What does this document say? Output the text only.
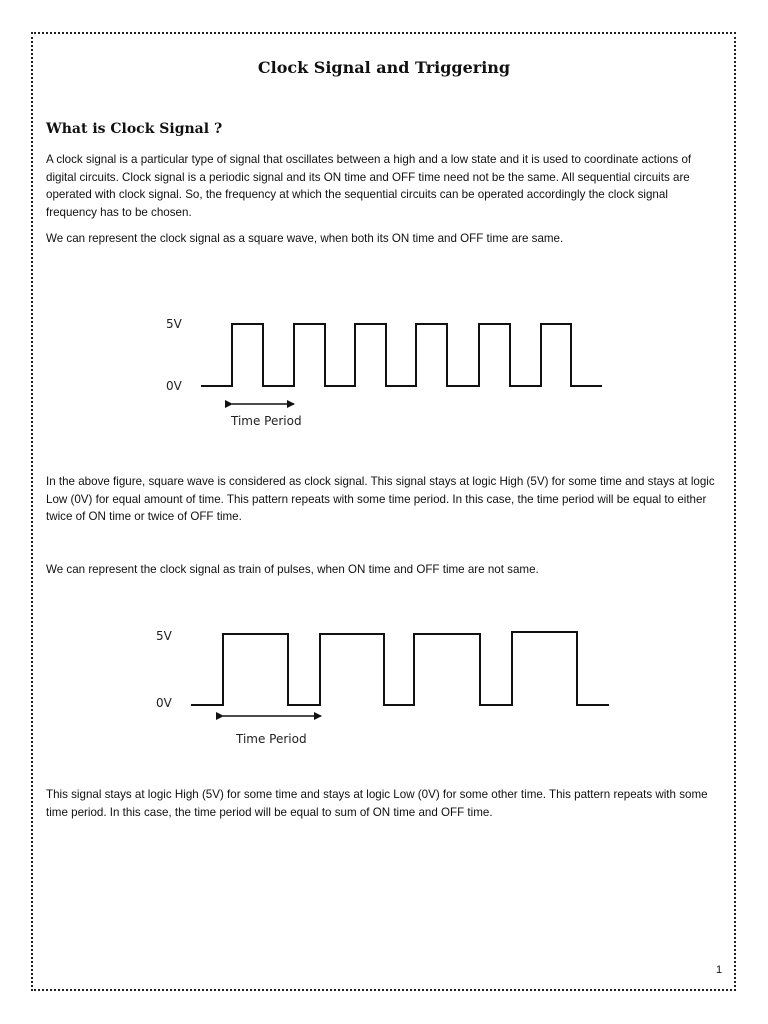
Clock Signal and Triggering
What is Clock Signal ?
A clock signal is a particular type of signal that oscillates between a high and a low state and it is used to coordinate actions of digital circuits. Clock signal is a periodic signal and its ON time and OFF time need not be the same. All sequential circuits are operated with clock signal. So, the frequency at which the sequential circuits can be operated accordingly the clock signal frequency has to be chosen.
We can represent the clock signal as a square wave, when both its ON time and OFF time are same.
5V
0V
Time Period
In the above figure, square wave is considered as clock signal. This signal stays at logic High (5V) for some time and stays at logic Low (0V) for equal amount of time. This pattern repeats with some time period. In this case, the time period will be equal to either twice of ON time or twice of OFF time.
We can represent the clock signal as train of pulses, when ON time and OFF time are not same.
5V
0V
Time Period
This signal stays at logic High (5V) for some time and stays at logic Low (0V) for some other time. This pattern repeats with some time period. In this case, the time period will be equal to sum of ON time and OFF time.
1
